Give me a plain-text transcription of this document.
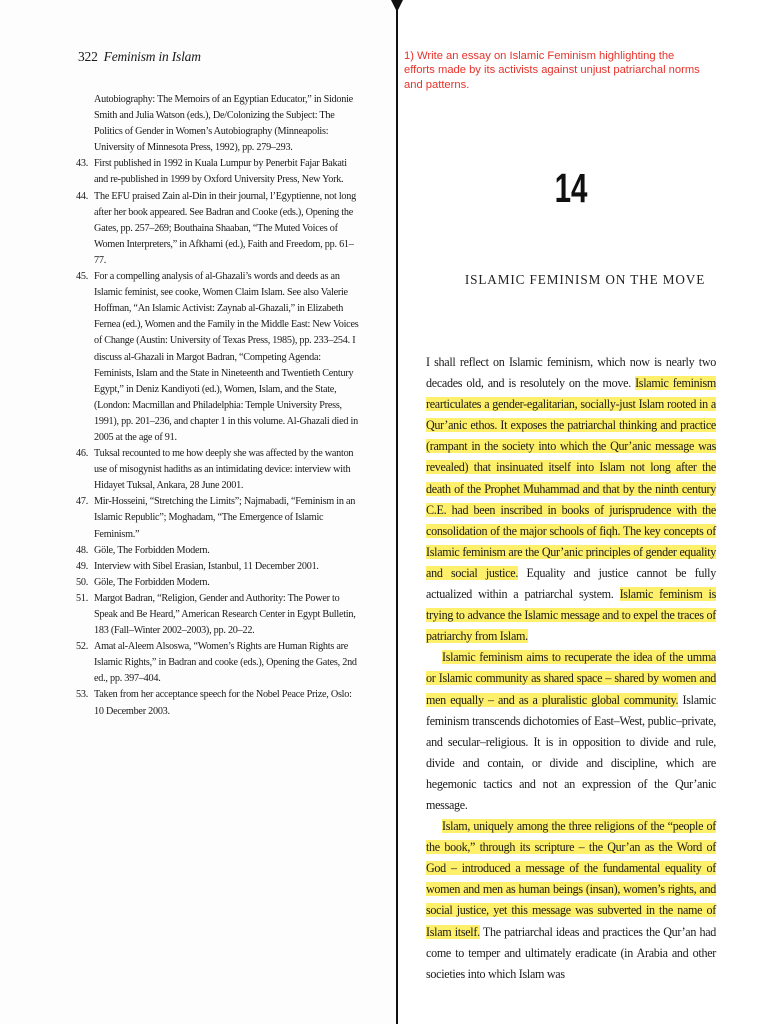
322 Feminism in Islam
Autobiography: The Memoirs of an Egyptian Educator,” in Sidonie Smith and Julia Watson (eds.), De/Colonizing the Subject: The Politics of Gender in Women’s Autobiography (Minneapolis: University of Minnesota Press, 1992), pp. 279–293.
43. First published in 1992 in Kuala Lumpur by Penerbit Fajar Bakati and re-published in 1999 by Oxford University Press, New York.
44. The EFU praised Zain al-Din in their journal, l’Egyptienne, not long after her book appeared. See Badran and Cooke (eds.), Opening the Gates, pp. 257–269; Bouthaina Shaaban, “The Muted Voices of Women Interpreters,” in Afkhami (ed.), Faith and Freedom, pp. 61–77.
45. For a compelling analysis of al-Ghazali’s words and deeds as an Islamic feminist, see cooke, Women Claim Islam. See also Valerie Hoffman, “An Islamic Activist: Zaynab al-Ghazali,” in Elizabeth Fernea (ed.), Women and the Family in the Middle East: New Voices of Change (Austin: University of Texas Press, 1985), pp. 233–254. I discuss al-Ghazali in Margot Badran, “Competing Agenda: Feminists, Islam and the State in Nineteenth and Twentieth Century Egypt,” in Deniz Kandiyoti (ed.), Women, Islam, and the State, (London: Macmillan and Philadelphia: Temple University Press, 1991), pp. 201–236, and chapter 1 in this volume. Al-Ghazali died in 2005 at the age of 91.
46. Tuksal recounted to me how deeply she was affected by the wanton use of misogynist hadiths as an intimidating device: interview with Hidayet Tuksal, Ankara, 28 June 2001.
47. Mir-Hosseini, “Stretching the Limits”; Najmabadi, “Feminism in an Islamic Republic”; Moghadam, “The Emergence of Islamic Feminism.”
48. Göle, The Forbidden Modern.
49. Interview with Sibel Erasian, Istanbul, 11 December 2001.
50. Göle, The Forbidden Modern.
51. Margot Badran, “Religion, Gender and Authority: The Power to Speak and Be Heard,” American Research Center in Egypt Bulletin, 183 (Fall–Winter 2002–2003), pp. 20–22.
52. Amat al-Aleem Alsoswa, “Women’s Rights are Human Rights are Islamic Rights,” in Badran and cooke (eds.), Opening the Gates, 2nd ed., pp. 397–404.
53. Taken from her acceptance speech for the Nobel Peace Prize, Oslo: 10 December 2003.
1) Write an essay on Islamic Feminism highlighting the efforts made by its activists against unjust patriarchal norms and patterns.
14
ISLAMIC FEMINISM ON THE MOVE

I shall reflect on Islamic feminism, which now is nearly two decades old, and is resolutely on the move. Islamic feminism rearticulates a gender-egalitarian, socially-just Islam rooted in a Qur’anic ethos. It exposes the patriarchal thinking and practice (rampant in the society into which the Qur’anic message was revealed) that insinuated itself into Islam not long after the death of the Prophet Muhammad and that by the ninth century C.E. had been inscribed in books of jurisprudence with the consolidation of the major schools of fiqh. The key concepts of Islamic feminism are the Qur’anic principles of gender equality and social justice. Equality and justice cannot be fully actualized within a patriarchal system. Islamic feminism is trying to advance the Islamic message and to expel the traces of patriarchy from Islam.

Islamic feminism aims to recuperate the idea of the umma or Islamic community as shared space – shared by women and men equally – and as a pluralistic global community. Islamic feminism transcends dichotomies of East–West, public–private, and secular–religious. It is in opposition to divide and rule, divide and contain, or divide and discipline, which are hegemonic tactics and not an expression of the Qur’anic message.

Islam, uniquely among the three religions of the “people of the book,” through its scripture – the Qur’an as the Word of God – introduced a message of the fundamental equality of women and men as human beings (insan), women’s rights, and social justice, yet this message was subverted in the name of Islam itself. The patriarchal ideas and practices the Qur’an had come to temper and ultimately eradicate (in Arabia and other societies into which Islam was
